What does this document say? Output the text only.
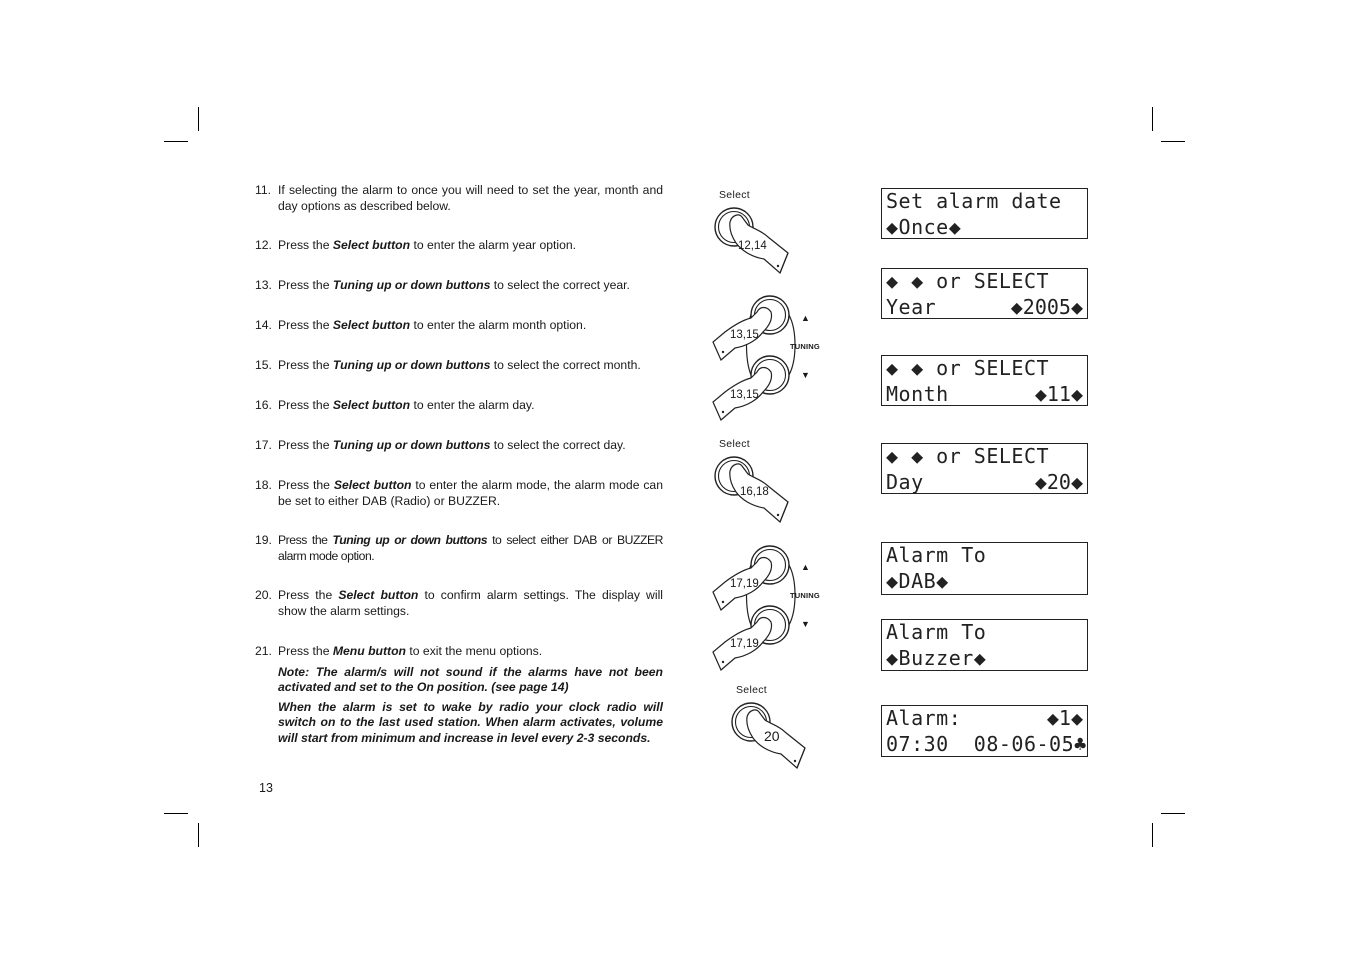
11. If selecting the alarm to once you will need to set the year, month and day options as described below.
12. Press the Select button to enter the alarm year option.
13. Press the Tuning up or down buttons to select the correct year.
14. Press the Select button to enter the alarm month option.
15. Press the Tuning up or down buttons to select the correct month.
16. Press the Select button to enter the alarm day.
17. Press the Tuning up or down buttons to select the correct day.
18. Press the Select button to enter the alarm mode, the alarm mode can be set to either DAB (Radio) or BUZZER.
19. Press the Tuning up or down buttons to select either DAB or BUZZER alarm mode option.
20. Press the Select button to confirm alarm settings. The display will show the alarm settings.
21. Press the Menu button to exit the menu options.
Note: The alarm/s will not sound if the alarms have not been activated and set to the On position. (see page 14)
When the alarm is set to wake by radio your clock radio will switch on to the last used station. When alarm activates, volume will start from minimum and increase in level every 2-3 seconds.
13
Select
12,14
▲
TUNING
▼
13,15
13,15
Select
16,18
▲
TUNING
▼
17,19
17,19
Select
20
Set alarm date
◆Once◆
◆ ◆ or SELECT
Year	◆2005◆
◆ ◆ or SELECT
Month	◆11◆
◆ ◆ or SELECT
Day	◆20◆
Alarm To
◆DAB◆
Alarm To
◆Buzzer◆
Alarm:	◆1◆
07:30  08-06-05♣
